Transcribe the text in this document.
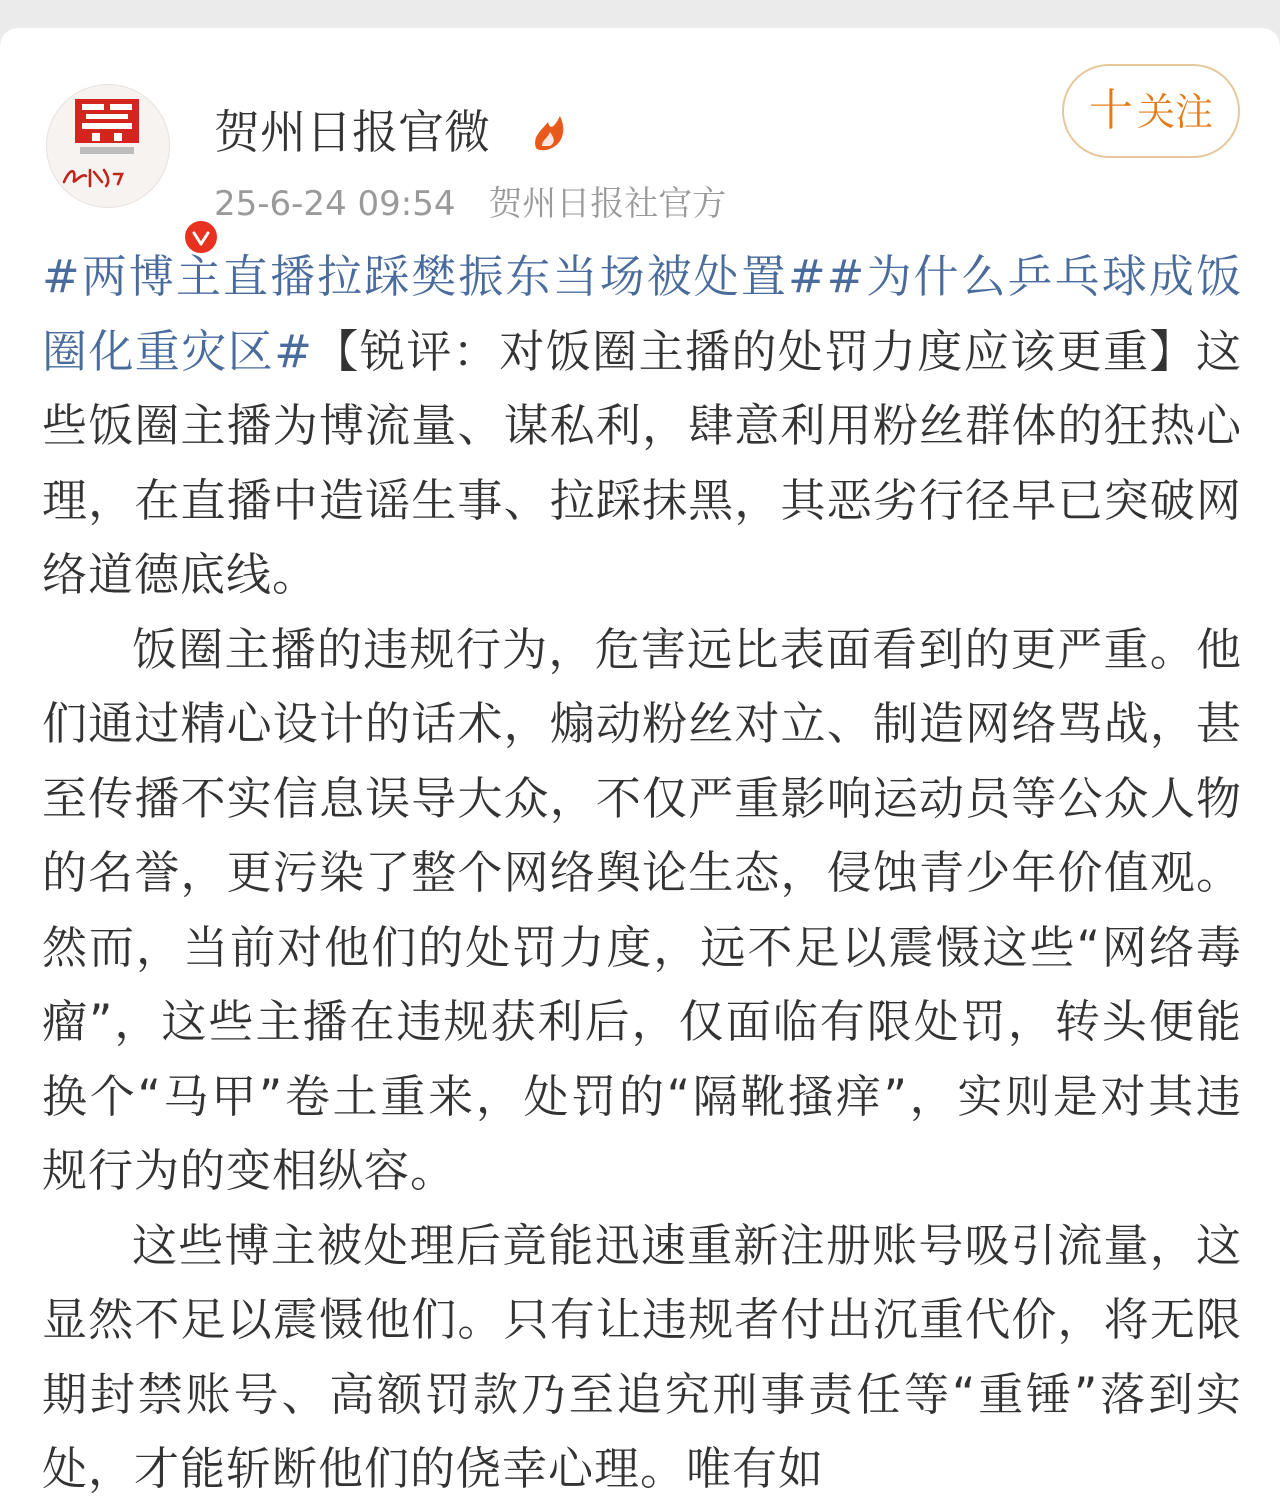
贺州日报官微
25-6-24 09:54 贺州日报社官方
十 关注

#两博主直播拉踩樊振东当场被处置##为什么乒乓球成饭圈化重灾区#【锐评：对饭圈主播的处罚力度应该更重】这些饭圈主播为博流量、谋私利，肆意利用粉丝群体的狂热心理，在直播中造谣生事、拉踩抹黑，其恶劣行径早已突破网络道德底线。

饭圈主播的违规行为，危害远比表面看到的更严重。他们通过精心设计的话术，煽动粉丝对立、制造网络骂战，甚至传播不实信息误导大众，不仅严重影响运动员等公众人物的名誉，更污染了整个网络舆论生态，侵蚀青少年价值观。然而，当前对他们的处罚力度，远不足以震慑这些“网络毒瘤”，这些主播在违规获利后，仅面临有限处罚，转头便能换个“马甲”卷土重来，处罚的“隔靴搔痒”，实则是对其违规行为的变相纵容。

这些博主被处理后竟能迅速重新注册账号吸引流量，这显然不足以震慑他们。只有让违规者付出沉重代价，将无限期封禁账号、高额罚款乃至追究刑事责任等“重锤”落到实处，才能斩断他们的侥幸心理。唯有如
